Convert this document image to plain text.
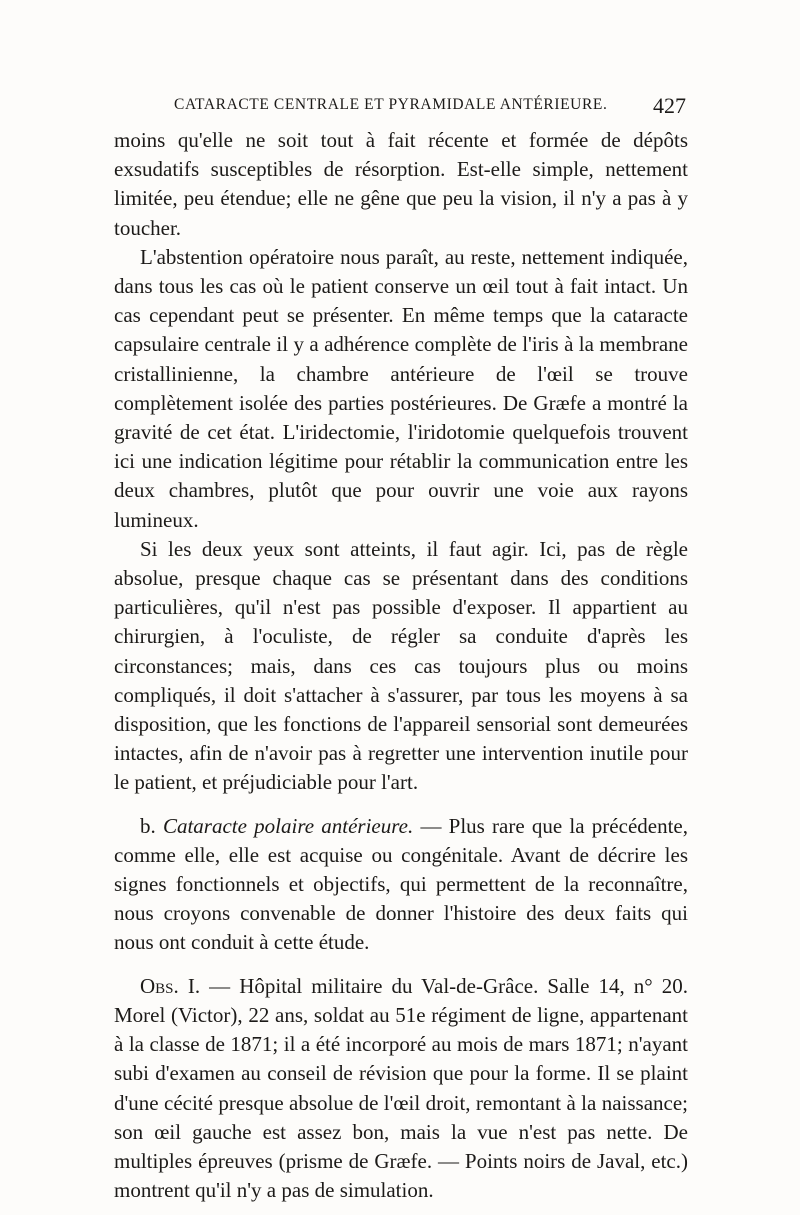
CATARACTE CENTRALE ET PYRAMIDALE ANTÉRIEURE. 427

moins qu'elle ne soit tout à fait récente et formée de dépôts exsudatifs susceptibles de résorption. Est-elle simple, nettement limitée, peu étendue; elle ne gêne que peu la vision, il n'y a pas à y toucher.

L'abstention opératoire nous paraît, au reste, nettement indiquée, dans tous les cas où le patient conserve un œil tout à fait intact. Un cas cependant peut se présenter. En même temps que la cataracte capsulaire centrale il y a adhérence complète de l'iris à la membrane cristallinienne, la chambre antérieure de l'œil se trouve complètement isolée des parties postérieures. De Græfe a montré la gravité de cet état. L'iridectomie, l'iridotomie quelquefois trouvent ici une indication légitime pour rétablir la communication entre les deux chambres, plutôt que pour ouvrir une voie aux rayons lumineux.

Si les deux yeux sont atteints, il faut agir. Ici, pas de règle absolue, presque chaque cas se présentant dans des conditions particulières, qu'il n'est pas possible d'exposer. Il appartient au chirurgien, à l'oculiste, de régler sa conduite d'après les circonstances; mais, dans ces cas toujours plus ou moins compliqués, il doit s'attacher à s'assurer, par tous les moyens à sa disposition, que les fonctions de l'appareil sensorial sont demeurées intactes, afin de n'avoir pas à regretter une intervention inutile pour le patient, et préjudiciable pour l'art.

b. Cataracte polaire antérieure. — Plus rare que la précédente, comme elle, elle est acquise ou congénitale. Avant de décrire les signes fonctionnels et objectifs, qui permettent de la reconnaître, nous croyons convenable de donner l'histoire des deux faits qui nous ont conduit à cette étude.

Obs. I. — Hôpital militaire du Val-de-Grâce. Salle 14, n° 20. Morel (Victor), 22 ans, soldat au 51e régiment de ligne, appartenant à la classe de 1871; il a été incorporé au mois de mars 1871; n'ayant subi d'examen au conseil de révision que pour la forme. Il se plaint d'une cécité presque absolue de l'œil droit, remontant à la naissance; son œil gauche est assez bon, mais la vue n'est pas nette. De multiples épreuves (prisme de Græfe. — Points noirs de Javal, etc.) montrent qu'il n'y a pas de simulation.
